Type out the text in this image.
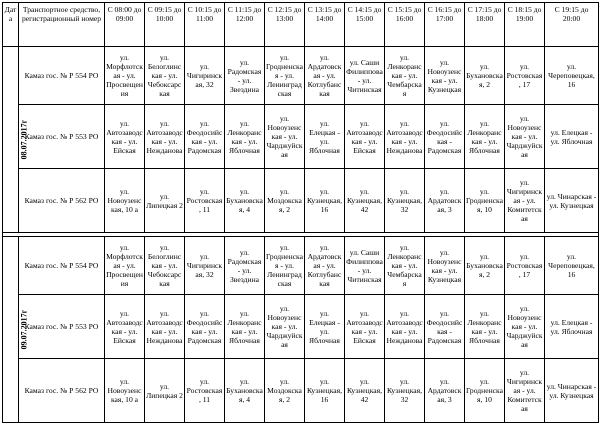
Дата	Транспортное средство, регистрационный номер	С 08:00 до 09:00	С 09:15 до 10:00	С 10:15 до 11:00	С 11:15 до 12:00	С 12:15 до 13:00	С 13:15 до 14:00	С 14:15 до 15:00	С 15:15 до 16:00	С 16:15 до 17:00	С 17:15 до 18:00	С 18:15 до 19:00	С 19:15 до 20:00
08.07.2017г	Камаз гос. № Р 554 РО	ул. Морфлотская - ул. Просвещения	ул. Белоглинская - ул. Чебоксарская	ул. Чигиринская, 32	ул. Радомская - ул. Звездина	ул. Гродненская - ул. Ленинградская	ул. Ардатовская - ул. Котлубанская	ул. Саши Филиппова - ул. Читинская	ул. Ленкоранская - ул. Чембарская	ул. Новоузенская - ул. Кузнецкая	ул. Бухановская, 2	ул. Ростовская, 17	ул. Череповецкая, 16
	Камаз гос. № Р 553 РО	ул. Автозаводская - ул. Ейская	ул. Автозаводская - ул. Нежданова	ул. Феодосийская - ул. Радомская	ул. Ленкоранская - ул. Яблочная	ул. Новоузенская - ул. Чарджуйская	ул. Елецкая - ул. Яблочная	ул. Автозаводская - ул. Ейская	ул. Автозаводская - ул. Нежданова	ул. Феодосийская - Радомская	ул. Ленкоранская - ул. Яблочная	ул. Новоузенская - ул. Чарджуйская	ул. Елецкая - ул. Яблочная
	Камаз гос. № Р 562 РО	ул. Новоузенская, 10 а	ул. Липецкая 2	ул. Ростовская, 11	ул. Бухановская, 4	ул. Моздокская, 2	ул. Кузнецкая, 16	ул. Кузнецкая, 42	ул. Кузнецкая, 32	ул. Ардатовская, 3	ул. Гродненская, 10	ул. Чигиринская - ул. Комитетская	ул. Чинарская - ул. Кузнецкая

09.07.2017г	Камаз гос. № Р 554 РО	ул. Морфлотская - ул. Просвещения	ул. Белоглинская - ул. Чебоксарская	ул. Чигиринская, 32	ул. Радомская - ул. Звездина	ул. Гродненская - ул. Ленинградская	ул. Ардатовская - ул. Котлубанская	ул. Саши Филиппова - ул. Читинская	ул. Ленкоранская - ул. Чембарская	ул. Новоузенская - ул. Кузнецкая	ул. Бухановская, 2	ул. Ростовская, 17	ул. Череповецкая, 16
	Камаз гос. № Р 553 РО	ул. Автозаводская - ул. Ейская	ул. Автозаводская - ул. Нежданова	ул. Феодосийская - ул. Радомская	ул. Ленкоранская - ул. Яблочная	ул. Новоузенская - ул. Чарджуйская	ул. Елецкая - ул. Яблочная	ул. Автозаводская - ул. Ейская	ул. Автозаводская - ул. Нежданова	ул. Феодосийская - Радомская	ул. Ленкоранская - ул. Яблочная	ул. Новоузенская - ул. Чарджуйская	ул. Елецкая - ул. Яблочная
	Камаз гос. № Р 562 РО	ул. Новоузенская, 10 а	ул. Липецкая 2	ул. Ростовская, 11	ул. Бухановская, 4	ул. Моздокская, 2	ул. Кузнецкая, 16	ул. Кузнецкая, 42	ул. Кузнецкая, 32	ул. Ардатовская, 3	ул. Гродненская, 10	ул. Чигиринская - ул. Комитетская	ул. Чинарская - ул. Кузнецкая
